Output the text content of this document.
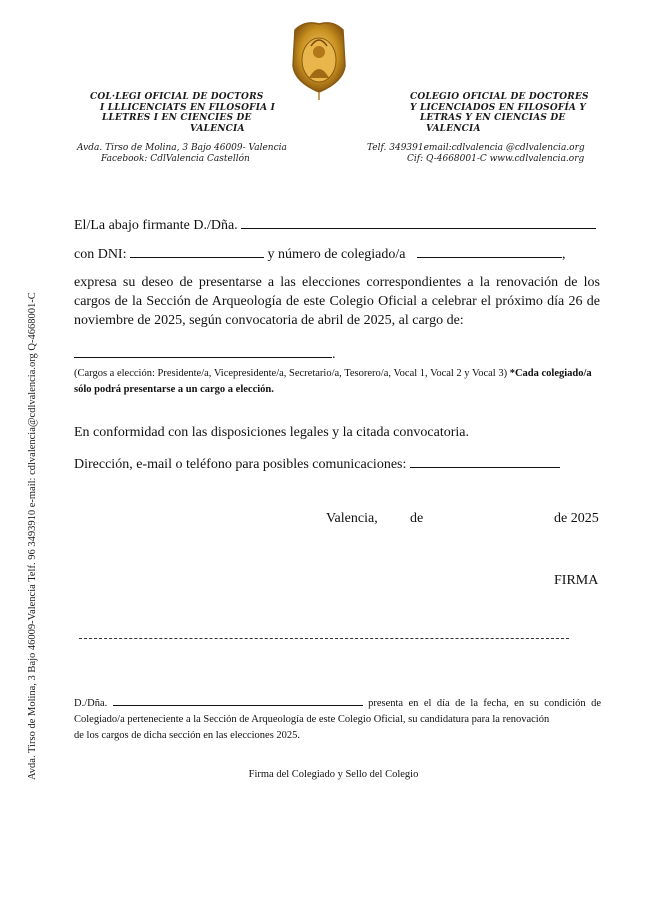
COL·LEGI OFICIAL DE DOCTORS
I LLLICENCIATS EN FILOSOFIA I
LLETRES I EN CIENCIES DE
VALENCIA
Avda. Tirso de Molina, 3 Bajo 46009- Valencia
Facebook: CdlValencia Castellón
COLEGIO OFICIAL DE DOCTORES
Y LICENCIADOS EN FILOSOFÍA Y
LETRAS Y EN CIENCIAS DE
VALENCIA
Telf. 349391email:cdlvalencia @cdlvalencia.org
Cif: Q-4668001-C www.cdlvalencia.org
Avda. Tirso de Molina, 3 Bajo 46009-Valencia Telf. 96 3493910 e-mail: cdlvalencia@cdlvalencia.org Q-4668001-C
El/La abajo firmante D./Dña.
con DNI:	y número de colegiado/a	,
expresa su deseo de presentarse a las elecciones correspondientes a la renovación de los cargos de la Sección de Arqueología de este Colegio Oficial a celebrar el próximo día 26 de noviembre de 2025, según convocatoria de abril de 2025, al cargo de:
.
(Cargos a elección: Presidente/a, Vicepresidente/a, Secretario/a, Tesorero/a, Vocal 1, Vocal 2 y Vocal 3) *Cada colegiado/a sólo podrá presentarse a un cargo a elección.
En conformidad con las disposiciones legales y la citada convocatoria.
Dirección, e-mail o teléfono para posibles comunicaciones:
Valencia, de	de 2025
FIRMA
D./Dña.	presenta en el día de la fecha, en su condición de
Colegiado/a perteneciente a la Sección de Arqueología de este Colegio Oficial, su candidatura para la renovación
de los cargos de dicha sección en las elecciones 2025.
Firma del Colegiado y Sello del Colegio
